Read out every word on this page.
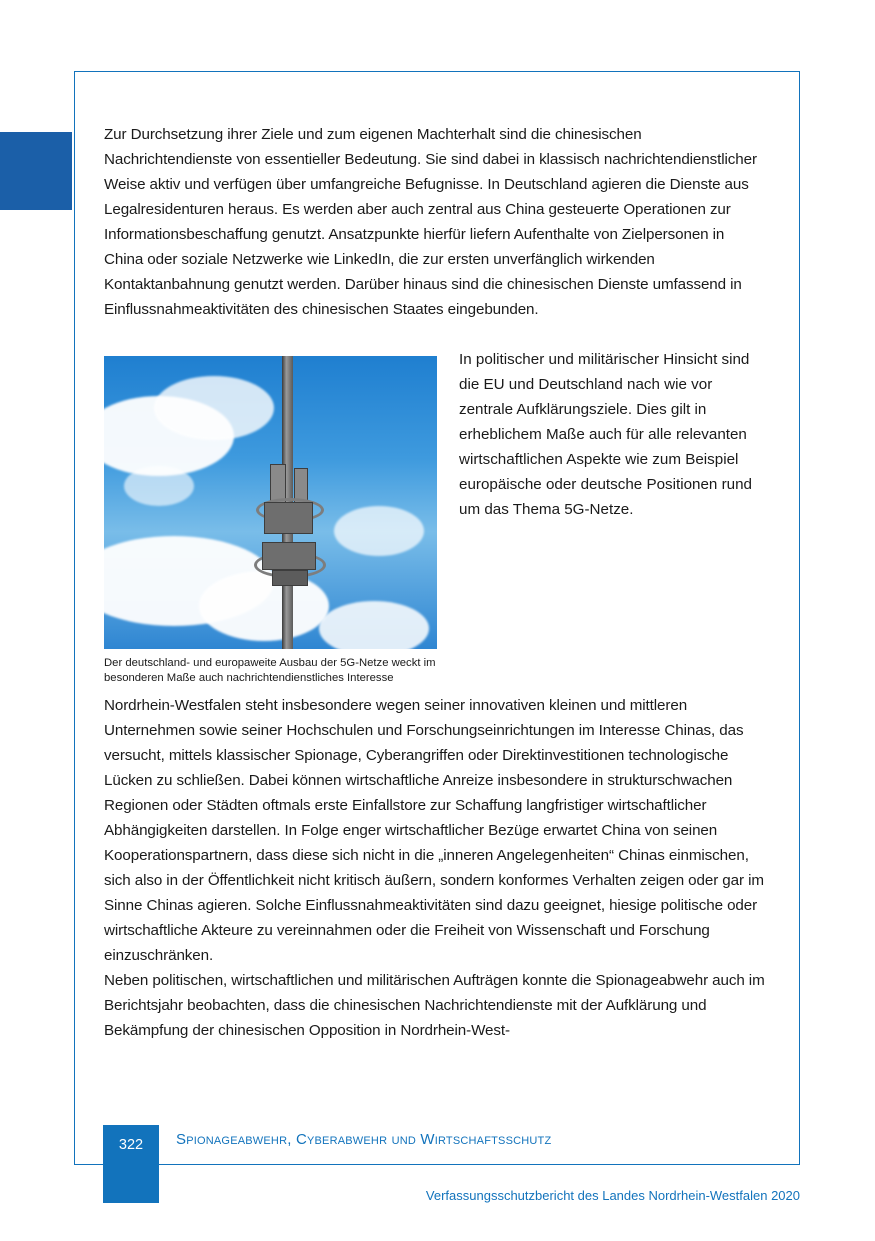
Zur Durchsetzung ihrer Ziele und zum eigenen Machterhalt sind die chinesischen Nachrichtendienste von essentieller Bedeutung. Sie sind dabei in klassisch nachrichtendienstlicher Weise aktiv und verfügen über umfangreiche Befugnisse. In Deutschland agieren die Dienste aus Legalresidenturen heraus. Es werden aber auch zentral aus China gesteuerte Operationen zur Informationsbeschaffung genutzt. Ansatzpunkte hierfür liefern Aufenthalte von Zielpersonen in China oder soziale Netzwerke wie LinkedIn, die zur ersten unverfänglich wirkenden Kontaktanbahnung genutzt werden. Darüber hinaus sind die chinesischen Dienste umfassend in Einflussnahmeaktivitäten des chinesischen Staates eingebunden.

Der deutschland- und europaweite Ausbau der 5G-Netze weckt im besonderen Maße auch nachrichtendienstliches Interesse

In politischer und militärischer Hinsicht sind die EU und Deutschland nach wie vor zentrale Aufklärungsziele. Dies gilt in erheblichem Maße auch für alle relevanten wirtschaftlichen Aspekte wie zum Beispiel europäische oder deutsche Positionen rund um das Thema 5G-Netze.

Nordrhein-Westfalen steht insbesondere wegen seiner innovativen kleinen und mittleren Unternehmen sowie seiner Hochschulen und Forschungseinrichtungen im Interesse Chinas, das versucht, mittels klassischer Spionage, Cyberangriffen oder Direktinvestitionen technologische Lücken zu schließen. Dabei können wirtschaftliche Anreize insbesondere in strukturschwachen Regionen oder Städten oftmals erste Einfallstore zur Schaffung langfristiger wirtschaftlicher Abhängigkeiten darstellen. In Folge enger wirtschaftlicher Bezüge erwartet China von seinen Kooperationspartnern, dass diese sich nicht in die „inneren Angelegenheiten“ Chinas einmischen, sich also in der Öffentlichkeit nicht kritisch äußern, sondern konformes Verhalten zeigen oder gar im Sinne Chinas agieren. Solche Einflussnahmeaktivitäten sind dazu geeignet, hiesige politische oder wirtschaftliche Akteure zu vereinnahmen oder die Freiheit von Wissenschaft und Forschung einzuschränken.

Neben politischen, wirtschaftlichen und militärischen Aufträgen konnte die Spionageabwehr auch im Berichtsjahr beobachten, dass die chinesischen Nachrichtendienste mit der Aufklärung und Bekämpfung der chinesischen Opposition in Nordrhein-West-

322	Spionageabwehr, Cyberabwehr und Wirtschaftsschutz
Verfassungsschutzbericht des Landes Nordrhein-Westfalen 2020
